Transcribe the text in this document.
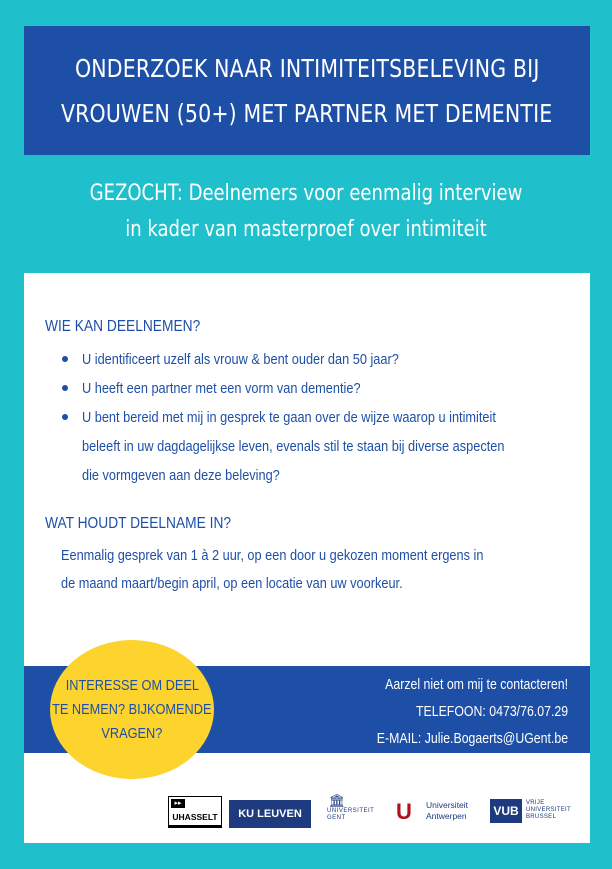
ONDERZOEK NAAR INTIMITEITSBELEVING BIJ
VROUWEN (50+) MET PARTNER MET DEMENTIE
GEZOCHT: Deelnemers voor eenmalig interview
in kader van masterproef over intimiteit
WIE KAN DEELNEMEN?
U identificeert uzelf als vrouw & bent ouder dan 50 jaar?
U heeft een partner met een vorm van dementie?
U bent bereid met mij in gesprek te gaan over de wijze waarop u intimiteit
beleeft in uw dagdagelijkse leven, evenals stil te staan bij diverse aspecten
die vormgeven aan deze beleving?
WAT HOUDT DEELNAME IN?
Eenmalig gesprek van 1 à 2 uur, op een door u gekozen moment ergens in
de maand maart/begin april, op een locatie van uw voorkeur.
Aarzel niet om mij te contacteren!
TELEFOON: 0473/76.07.29
E-MAIL: Julie.Bogaerts@UGent.be
INTERESSE OM DEEL
TE NEMEN? BIJKOMENDE
VRAGEN?
▸▸
UHASSELT	KU LEUVEN
🏛
UNIVERSITEIT
GENT	U Universiteit
Antwerpen VUB
VRIJE
UNIVERSITEIT
BRUSSEL
